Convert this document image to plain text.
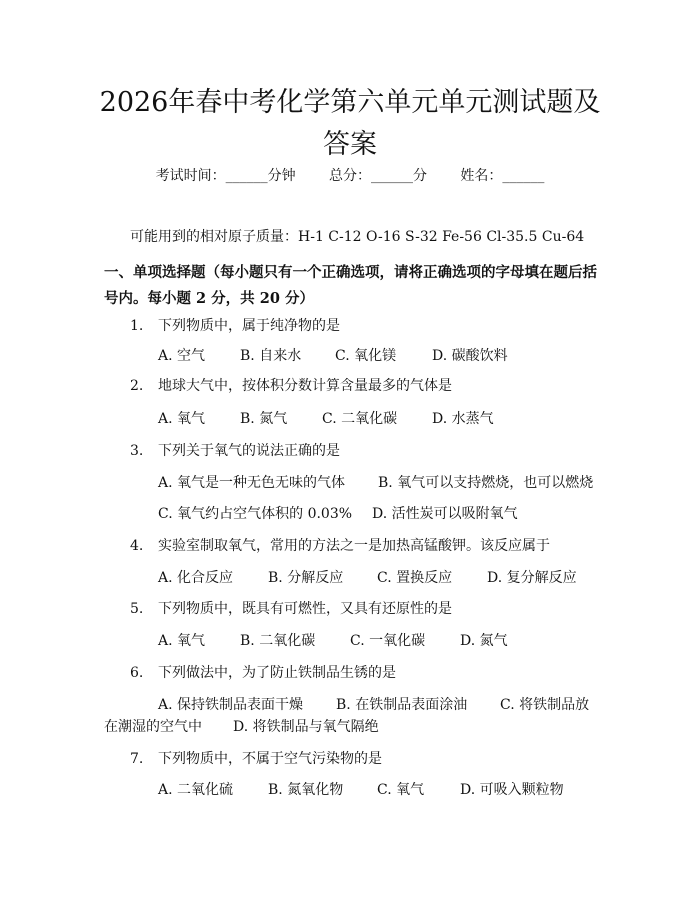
2026年春中考化学第六单元单元测试题及答案
考试时间：______分钟 总分：______分 姓名：______
可能用到的相对原子质量：H-1 C-12 O-16 S-32 Fe-56 Cl-35.5 Cu-64
一、单项选择题（每小题只有一个正确选项，请将正确选项的字母填在题后括号内。每小题 2 分，共 20 分）
1. 下列物质中，属于纯净物的是
A. 空气 B. 自来水 C. 氧化镁	D. 碳酸饮料
2. 地球大气中，按体积分数计算含量最多的气体是
A. 氧气 B. 氮气 C. 二氧化碳 D. 水蒸气
3. 下列关于氧气的说法正确的是
A. 氧气是一种无色无味的气体 B. 氧气可以支持燃烧，也可以燃烧
C. 氧气约占空气体积的 0.03% D. 活性炭可以吸附氧气
4. 实验室制取氧气，常用的方法之一是加热高锰酸钾。该反应属于
A. 化合反应 B. 分解反应 C. 置换反应 D. 复分解反应
5. 下列物质中，既具有可燃性，又具有还原性的是
A. 氧气 B. 二氧化碳 C. 一氧化碳 D. 氮气
6. 下列做法中，为了防止铁制品生锈的是
A. 保持铁制品表面干燥 B. 在铁制品表面涂油 C. 将铁制品放
在潮湿的空气中 D. 将铁制品与氧气隔绝
7. 下列物质中，不属于空气污染物的是
A. 二氧化硫 B. 氮氧化物 C. 氧气	D. 可吸入颗粒物
